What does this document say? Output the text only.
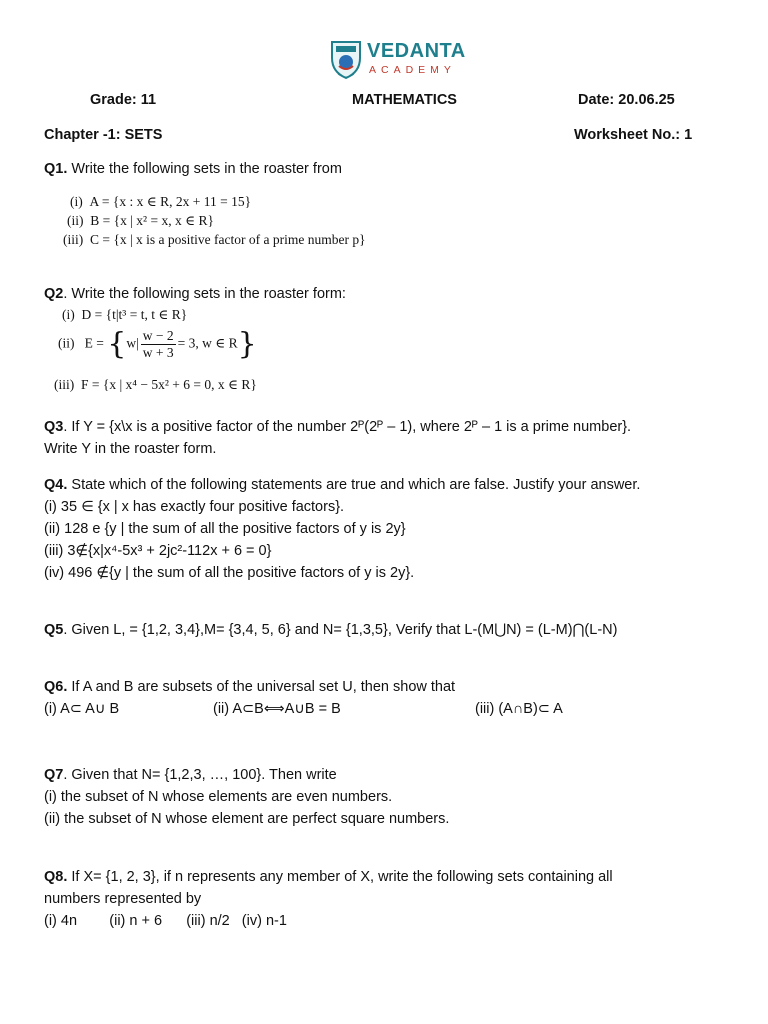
VEDANTA
ACADEMY
Grade: 11	MATHEMATICS	Date: 20.06.25
Chapter -1: SETS	Worksheet No.: 1
Q1. Write the following sets in the roaster from
(i) A = {x : x ∈ R, 2x + 11 = 15}
(ii) B = {x | x² = x, x ∈ R}
(iii) C = {x | x is a positive factor of a prime number p}
Q2. Write the following sets in the roaster form:
(i) D = {t|t³ = t, t ∈ R}
(ii) $E = \{w| \frac{w - 2}{w + 3} = 3$, w ∈ R}
(iii) F = {x | x⁴ − 5x² + 6 = 0, x ∈ R}
Q3. If Y = {x\x is a positive factor of the number 2ᴾ(2ᴾ – 1), where 2ᴾ – 1 is a prime number}.
Write Y in the roaster form.
Q4. State which of the following statements are true and which are false. Justify your answer.
(i) 35 ∈ {x | x has exactly four positive factors}.
(ii) 128 e {y | the sum of all the positive factors of y is 2y}
(iii) 3∉{x|x⁴-5x³ + 2jc²-112x + 6 = 0}
(iv) 496 ∉{y | the sum of all the positive factors of y is 2y}.
Q5. Given L, = {1,2, 3,4},M= {3,4, 5, 6} and N= {1,3,5}, Verify that L-(M⋃N) = (L-M)⋂(L-N)
Q6. If A and B are subsets of the universal set U, then show that
(i) A⊂ A∪ B	(ii) A⊂B⟺A∪B = B	(iii) (A∩B)⊂ A
Q7. Given that N= {1,2,3, …, 100}. Then write
(i) the subset of N whose elements are even numbers.
(ii) the subset of N whose element are perfect square numbers.
Q8. If X= {1, 2, 3}, if n represents any member of X, write the following sets containing all
numbers represented by
(i) 4n        (ii) n + 6      (iii) n/2   (iv) n-1
